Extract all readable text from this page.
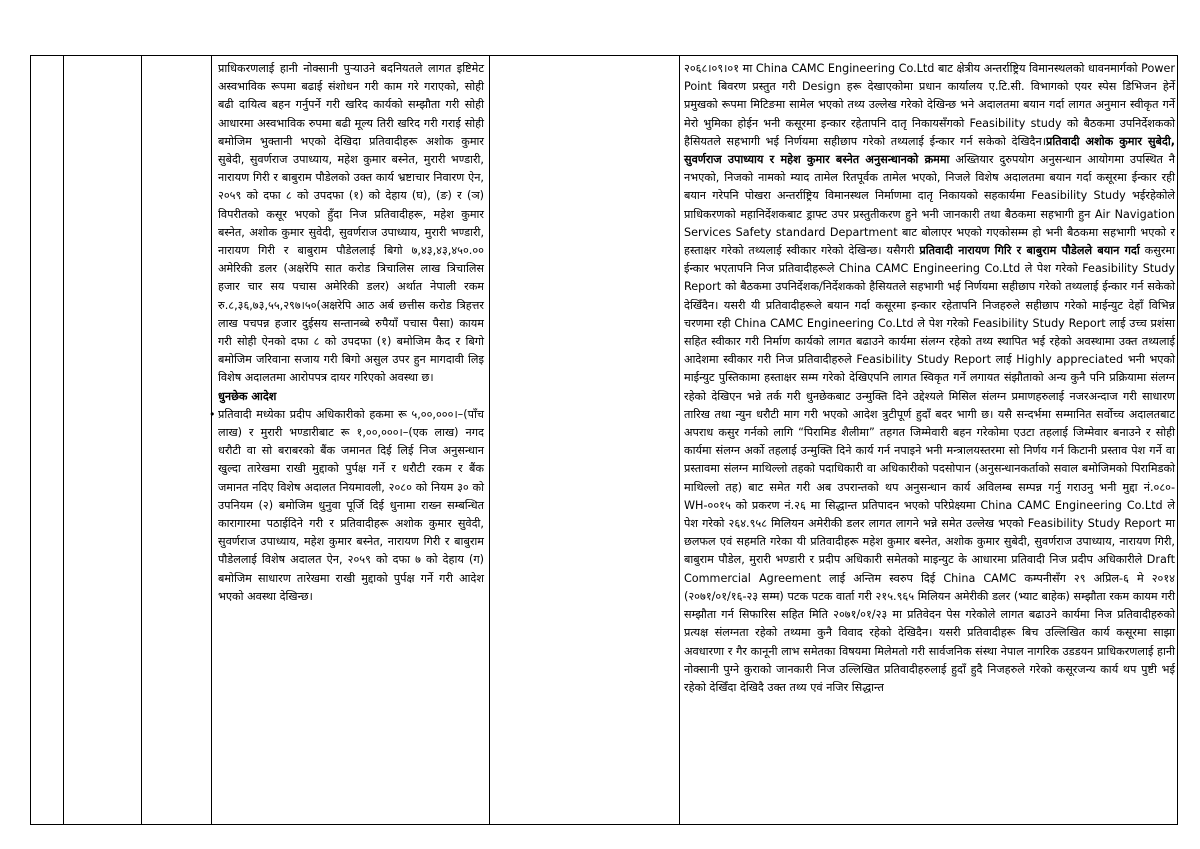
प्राधिकरणलाई हानी नोक्सानी पुऱ्याउने बदनियतले लागत इष्टिमेट अस्वभाविक रूपमा बढाई संशोधन गरी काम गरे गराएको, सोही बढी दायित्व बहन गर्नुपर्ने गरी खरिद कार्यको सम्झौता गरी सोही आधारमा अस्वभाविक रुपमा बढी मूल्य तिरी खरिद गरी गराई सोही बमोजिम भुक्तानी भएको देखिदा प्रतिवादीहरू अशोक कुमार सुबेदी, सुवर्णराज उपाध्याय, महेश कुमार बस्नेत, मुरारी भण्डारी, नारायण गिरी र बाबुराम पौडेलको उक्त कार्य भ्रष्टाचार निवारण ऐन, २०५९ को दफा ८ को उपदफा (१) को देहाय (घ), (ङ) र (ञ) विपरीतको कसूर भएको हुँदा निज प्रतिवादीहरू, महेश कुमार बस्नेत, अशोक कुमार सुवेदी, सुवर्णराज उपाध्याय, मुरारी भण्डारी, नारायण गिरी र बाबुराम पौडेललाई बिगो ७,४३,४३,४५०.०० अमेरिकी डलर (अक्षरेपि सात करोड त्रिचालिस लाख त्रिचालिस हजार चार सय पचास अमेरिकी डलर) अर्थात नेपाली रकम रु.८,३६,७३,५५,२९७।५०(अक्षरेपि आठ अर्ब छत्तीस करोड त्रिहत्तर लाख पचपन्न हजार दुईसय सन्तानब्बे रुपैयाँ पचास पैसा) कायम गरी सोही ऐनको दफा ८ को उपदफा (१) बमोजिम कैद र बिगो बमोजिम जरिवाना सजाय गरी बिगो असुल उपर हुन मागदावी लिइ विशेष अदालतमा आरोपपत्र दायर गरिएको अवस्था छ।

धुनछेक आदेश

• प्रतिवादी मध्येका प्रदीप अधिकारीको हकमा रू ५,००,०००।–(पाँच लाख) र मुरारी भण्डारीबाट रू १,००,०००।–(एक लाख) नगद धरौटी वा सो बराबरको बैंक जमानत दिई लिई निज अनुसन्धान खुल्दा तारेखमा राखी मुद्दाको पुर्पक्ष गर्ने र धरौटी रकम र बैंक जमानत नदिए विशेष अदालत नियमावली, २०८० को नियम ३० को उपनियम (२) बमोजिम धुनुवा पूर्जि दिई धुनामा राख्न सम्बन्धित कारागारमा पठाईदिने गरी र प्रतिवादीहरू अशोक कुमार सुवेदी, सुवर्णराज उपाध्याय, महेश कुमार बस्नेत, नारायण गिरी र बाबुराम पौडेललाई विशेष अदालत ऐन, २०५९ को दफा ७ को देहाय (ग) बमोजिम साधारण तारेखमा राखी मुद्दाको पुर्पक्ष गर्ने गरी आदेश भएको अवस्था देखिन्छ।

२०६८।०९।०१ मा China CAMC Engineering Co.Ltd बाट क्षेत्रीय अन्तर्राष्ट्रिय विमानस्थलको धावनमार्गको Power Point बिवरण प्रस्तुत गरी Design हरू देखाएकोमा प्रधान कार्यालय ए.टि.सी. विभागको एयर स्पेस डिभिजन हेर्ने प्रमुखको रूपमा मिटिङमा सामेल भएको तथ्य उल्लेख गरेको देखिन्छ भने अदालतमा बयान गर्दा लागत अनुमान स्वीकृत गर्ने मेरो भुमिका होईन भनी कसूरमा इन्कार रहेतापनि दातृ निकायसँगको Feasibility study को बैठकमा उपनिर्देशकको हैसियतले सहभागी भई निर्णयमा सहीछाप गरेको तथ्यलाई ईन्कार गर्न सकेको देखिदैन।प्रतिवादी अशोक कुमार सुबेदी, सुवर्णराज उपाध्याय र महेश कुमार बस्नेत अनुसन्धानको क्रममा अख्तियार दुरुपयोग अनुसन्धान आयोगमा उपस्थित नै नभएको, निजको नामको म्याद तामेल रितपूर्वक तामेल भएको, निजले विशेष अदालतमा बयान गर्दा कसूरमा ईन्कार रही बयान गरेपनि पोखरा अन्तर्राष्ट्रिय विमानस्थल निर्माणमा दातृ निकायको सहकार्यमा Feasibility Study भईरहेकोले प्राधिकरणको महानिर्देशकबाट ड्राफ्ट उपर प्रस्तुतीकरण हुने भनी जानकारी तथा बैठकमा सहभागी हुन Air Navigation Services Safety standard Department बाट बोलाएर भएको गएकोसम्म हो भनी बैठकमा सहभागी भएको र हस्ताक्षर गरेको तथ्यलाई स्वीकार गरेको देखिन्छ। यसैगरी प्रतिवादी नारायण गिरि र बाबुराम पौडेलले बयान गर्दा कसुरमा ईन्कार भएतापनि निज प्रतिवादीहरूले China CAMC Engineering Co.Ltd ले पेश गरेको Feasibility Study Report को बैठकमा उपनिर्देशक/निर्देशकको हैसियतले सहभागी भई निर्णयमा सहीछाप गरेको तथ्यलाई ईन्कार गर्न सकेको देखिँदैन। यसरी यी प्रतिवादीहरूले बयान गर्दा कसूरमा इन्कार रहेतापनि निजहरुले सहीछाप गरेको माईन्युट देहाँ विभिन्न चरणमा रही China CAMC Engineering Co.Ltd ले पेश गरेको Feasibility Study Report लाई उच्च प्रशंसा सहित स्वीकार गरी निर्माण कार्यको लागत बढाउने कार्यमा संलग्न रहेको तथ्य स्थापित भई रहेको अवस्थामा उक्त तथ्यलाई आदेशमा स्वीकार गरी निज प्रतिवादीहरुले Feasibility Study Report लाई Highly appreciated भनी भएको माईन्युट पुस्तिकामा हस्ताक्षर सम्म गरेको देखिएपनि लागत स्विकृत गर्ने लगायत संझौताको अन्य कुनै पनि प्रक्रियामा संलग्न रहेको देखिएन भन्ने तर्क गरी धुनछेकबाट उन्मुक्ति दिने उद्देश्यले मिसिल संलग्न प्रमाणहरुलाई नजरअन्दाज गरी साधारण तारिख तथा न्युन धरौटी माग गरी भएको आदेश त्रुटीपूर्ण हुदाँ बदर भागी छ। यसै सन्दर्भमा सम्मानित सर्वोच्च अदालतबाट अपराध कसुर गर्नको लागि “पिरामिड शैलीमा” तहगत जिम्मेवारी बहन गरेकोमा एउटा तहलाई जिम्मेवार बनाउने र सोही कार्यमा संलग्न अर्को तहलाई उन्मुक्ति दिने कार्य गर्न नपाइने भनी मन्त्रालयस्तरमा सो निर्णय गर्न किटानी प्रस्ताव पेश गर्ने वा प्रस्तावमा संलग्न माथिल्लो तहको पदाधिकारी वा अधिकारीको पदसोपान (अनुसन्धानकर्ताको सवाल बमोजिमको पिरामिडको माथिल्लो तह) बाट समेत गरी अब उपरान्तको थप अनुसन्धान कार्य अविलम्ब सम्पन्न गर्नु गराउनु भनी मुद्दा नं.०८०-WH-००१५ को प्रकरण नं.२६ मा सिद्धान्त प्रतिपादन भएको परिप्रेक्ष्यमा China CAMC Engineering Co.Ltd ले पेश गरेको २६४.९५८ मिलियन अमेरीकी डलर लागत लागने भन्ने समेत उल्लेख भएको Feasibility Study Report मा छलफल एवं सहमति गरेका यी प्रतिवादीहरू महेश कुमार बस्नेत, अशोक कुमार सुबेदी, सुवर्णराज उपाध्याय, नारायण गिरी, बाबुराम पौडेल, मुरारी भण्डारी र प्रदीप अधिकारी समेतको माइन्युट के आधारमा प्रतिवादी निज प्रदीप अधिकारीले Draft Commercial Agreement लाई अन्तिम स्वरुप दिई China CAMC कम्पनीसँग २९ अप्रिल-६ मे २०१४ (२०७१/०१/१६-२३ सम्म) पटक पटक वार्ता गरी २१५.९६५ मिलियन अमेरीकी डलर (भ्याट बाहेक) सम्झौता रकम कायम गरी सम्झौता गर्न सिफारिस सहित मिति २०७१/०१/२३ मा प्रतिवेदन पेस गरेकोले लागत बढाउने कार्यमा निज प्रतिवादीहरुको प्रत्यक्ष संलग्नता रहेको तथ्यमा कुनै विवाद रहेको देखिदैन। यसरी प्रतिवादीहरू बिच उल्लिखित कार्य कसूरमा साझा अवधारणा र गैर कानूनी लाभ समेतका विषयमा मिलेमतो गरी सार्वजनिक संस्था नेपाल नागरिक उडडयन प्राधिकरणलाई हानी नोक्सानी पुग्ने कुराको जानकारी निज उल्लिखित प्रतिवादीहरुलाई हुदाँ हुदै निजहरुले गरेको कसूरजन्य कार्य थप पुष्टी भई रहेको देखिँदा देखिदै उक्त तथ्य एवं नजिर सिद्धान्त
